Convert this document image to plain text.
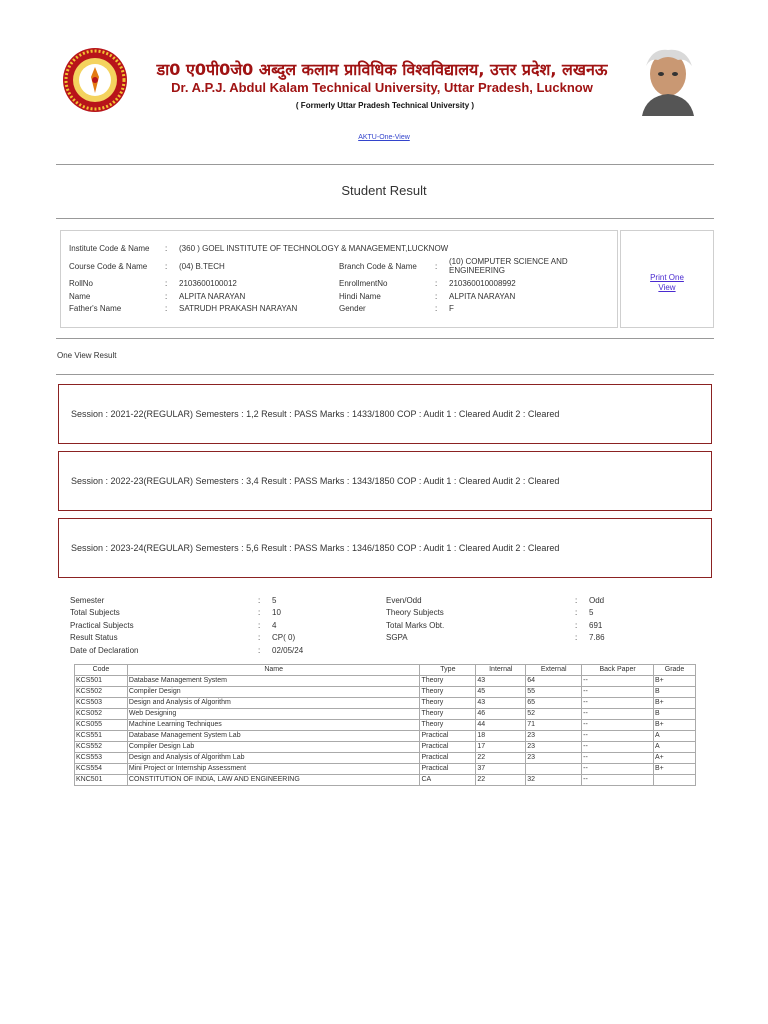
डा0 ए0पी0जे0 अब्दुल कलाम प्राविधिक विश्वविद्यालय, उत्तर प्रदेश, लखनऊ
Dr. A.P.J. Abdul Kalam Technical University, Uttar Pradesh, Lucknow
( Formerly Uttar Pradesh Technical University )
AKTU-One-View
Student Result
Institute Code & Name : (360 ) GOEL INSTITUTE OF TECHNOLOGY & MANAGEMENT,LUCKNOW
Course Code & Name : (04) B.TECH	Branch Code & Name :
(10) COMPUTER SCIENCE AND
ENGINEERING
RollNo	: 2103600100012	EnrollmentNo	: 210360010008992
Name	: ALPITA NARAYAN	Hindi Name	: ALPITA NARAYAN
Father's Name	: SATRUDH PRAKASH NARAYAN	Gender	: F
Print One View
One View Result
Session : 2021-22(REGULAR) Semesters : 1,2 Result : PASS Marks : 1433/1800 COP : Audit 1 : Cleared Audit 2 : Cleared
Session : 2022-23(REGULAR) Semesters : 3,4 Result : PASS Marks : 1343/1850 COP : Audit 1 : Cleared Audit 2 : Cleared
Session : 2023-24(REGULAR) Semesters : 5,6 Result : PASS Marks : 1346/1850 COP : Audit 1 : Cleared Audit 2 : Cleared
Semester	: 5	Even/Odd	: Odd
Total Subjects	: 10	Theory Subjects	: 5
Practical Subjects	: 4	Total Marks Obt.	: 691
Result Status	: CP( 0)	SGPA	: 7.86
Date of Declaration	: 02/05/24
Code	Name	Type	Internal	External	Back Paper	Grade
KCS501	Database Management System	Theory	43	64	--	B+
KCS502	Compiler Design	Theory	45	55	--	B
KCS503	Design and Analysis of Algorithm	Theory	43	65	--	B+
KCS052	Web Designing	Theory	46	52	--	B
KCS055	Machine Learning Techniques	Theory	44	71	--	B+
KCS551	Database Management System Lab	Practical	18	23	--	A
KCS552	Compiler Design Lab	Practical	17	23	--	A
KCS553	Design and Analysis of Algorithm Lab	Practical	22	23	--	A+
KCS554	Mini Project or Internship Assessment	Practical	37		--	B+
KNC501	CONSTITUTION OF INDIA, LAW AND ENGINEERING	CA	22	32	--	
